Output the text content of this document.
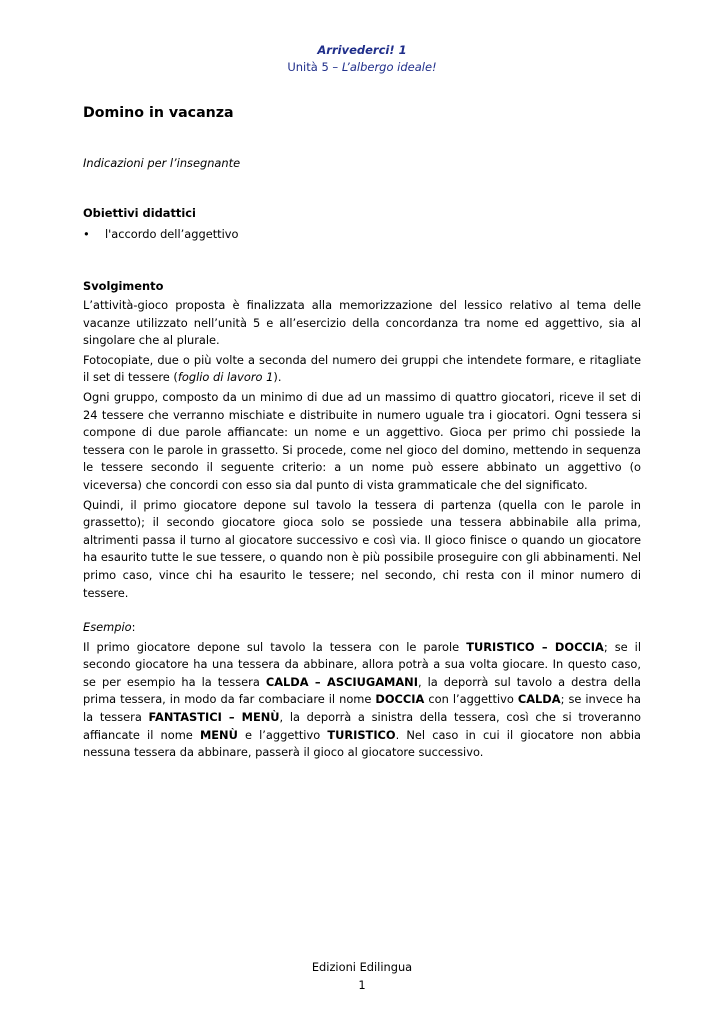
Arrivederci! 1
Unità 5 – L’albergo ideale!
Domino in vacanza
Indicazioni per l’insegnante
Obiettivi didattici
•	l'accordo dell’aggettivo
Svolgimento

L’attività-gioco proposta è finalizzata alla memorizzazione del lessico relativo al tema delle vacanze utilizzato nell’unità 5 e all’esercizio della concordanza tra nome ed aggettivo, sia al singolare che al plurale.

Fotocopiate, due o più volte a seconda del numero dei gruppi che intendete formare, e ritagliate il set di tessere (foglio di lavoro 1).

Ogni gruppo, composto da un minimo di due ad un massimo di quattro giocatori, riceve il set di 24 tessere che verranno mischiate e distribuite in numero uguale tra i giocatori. Ogni tessera si compone di due parole affiancate: un nome e un aggettivo. Gioca per primo chi possiede la tessera con le parole in grassetto. Si procede, come nel gioco del domino, mettendo in sequenza le tessere secondo il seguente criterio: a un nome può essere abbinato un aggettivo (o viceversa) che concordi con esso sia dal punto di vista grammaticale che del significato.

Quindi, il primo giocatore depone sul tavolo la tessera di partenza (quella con le parole in grassetto); il secondo giocatore gioca solo se possiede una tessera abbinabile alla prima, altrimenti passa il turno al giocatore successivo e così via. Il gioco finisce o quando un giocatore ha esaurito tutte le sue tessere, o quando non è più possibile proseguire con gli abbinamenti. Nel primo caso, vince chi ha esaurito le tessere; nel secondo, chi resta con il minor numero di tessere.

Esempio:

Il primo giocatore depone sul tavolo la tessera con le parole TURISTICO – DOCCIA; se il secondo giocatore ha una tessera da abbinare, allora potrà a sua volta giocare. In questo caso, se per esempio ha la tessera CALDA – ASCIUGAMANI, la deporrà sul tavolo a destra della prima tessera, in modo da far combaciare il nome DOCCIA con l’aggettivo CALDA; se invece ha la tessera FANTASTICI – MENÙ, la deporrà a sinistra della tessera, così che si troveranno affiancate il nome MENÙ e l’aggettivo TURISTICO. Nel caso in cui il giocatore non abbia nessuna tessera da abbinare, passerà il gioco al giocatore successivo.

Edizioni Edilingua
1
